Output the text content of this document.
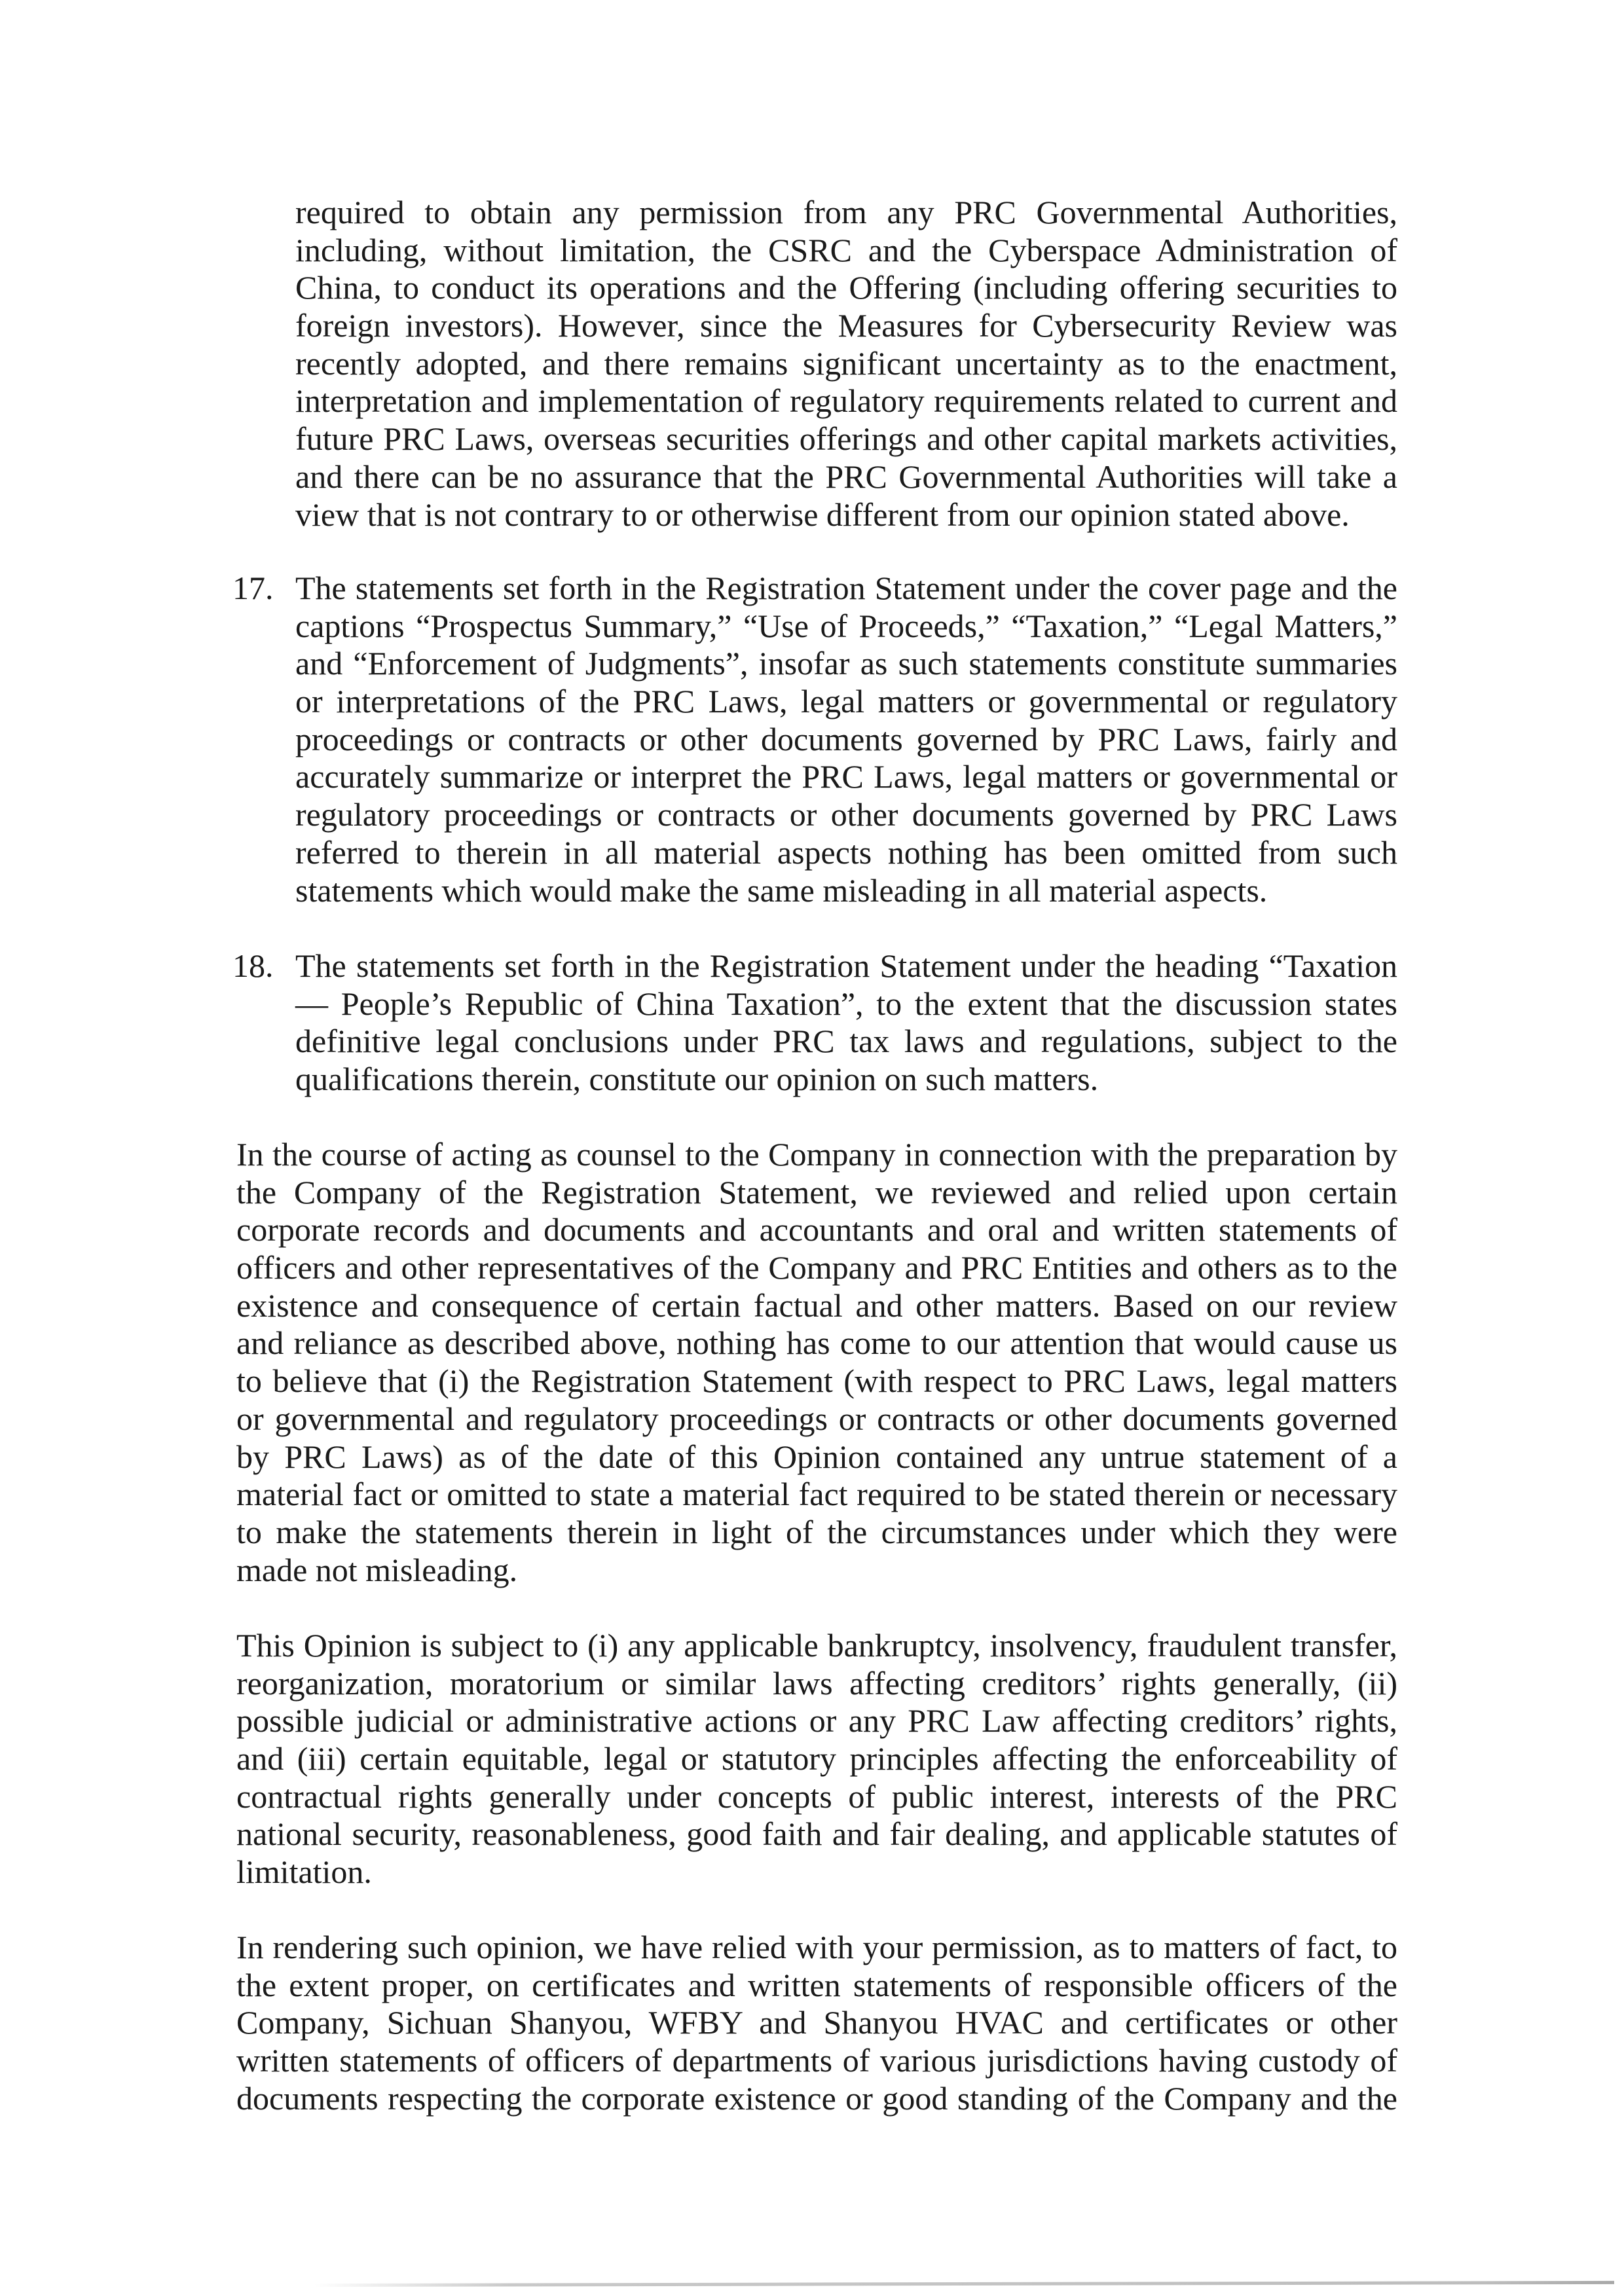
required to obtain any permission from any PRC Governmental Authorities,
including, without limitation, the CSRC and the Cyberspace Administration of
China, to conduct its operations and the Offering (including offering securities to
foreign investors). However, since the Measures for Cybersecurity Review was
recently adopted, and there remains significant uncertainty as to the enactment,
interpretation and implementation of regulatory requirements related to current and
future PRC Laws, overseas securities offerings and other capital markets activities,
and there can be no assurance that the PRC Governmental Authorities will take a
view that is not contrary to or otherwise different from our opinion stated above.
17. The statements set forth in the Registration Statement under the cover page and the
captions “Prospectus Summary,” “Use of Proceeds,” “Taxation,” “Legal Matters,”
and “Enforcement of Judgments”, insofar as such statements constitute summaries
or interpretations of the PRC Laws, legal matters or governmental or regulatory
proceedings or contracts or other documents governed by PRC Laws, fairly and
accurately summarize or interpret the PRC Laws, legal matters or governmental or
regulatory proceedings or contracts or other documents governed by PRC Laws
referred to therein in all material aspects nothing has been omitted from such
statements which would make the same misleading in all material aspects.
18. The statements set forth in the Registration Statement under the heading “Taxation
— People’s Republic of China Taxation”, to the extent that the discussion states
definitive legal conclusions under PRC tax laws and regulations, subject to the
qualifications therein, constitute our opinion on such matters.
In the course of acting as counsel to the Company in connection with the preparation by
the Company of the Registration Statement, we reviewed and relied upon certain
corporate records and documents and accountants and oral and written statements of
officers and other representatives of the Company and PRC Entities and others as to the
existence and consequence of certain factual and other matters. Based on our review
and reliance as described above, nothing has come to our attention that would cause us
to believe that (i) the Registration Statement (with respect to PRC Laws, legal matters
or governmental and regulatory proceedings or contracts or other documents governed
by PRC Laws) as of the date of this Opinion contained any untrue statement of a
material fact or omitted to state a material fact required to be stated therein or necessary
to make the statements therein in light of the circumstances under which they were
made not misleading.
This Opinion is subject to (i) any applicable bankruptcy, insolvency, fraudulent transfer,
reorganization, moratorium or similar laws affecting creditors’ rights generally, (ii)
possible judicial or administrative actions or any PRC Law affecting creditors’ rights,
and (iii) certain equitable, legal or statutory principles affecting the enforceability of
contractual rights generally under concepts of public interest, interests of the PRC
national security, reasonableness, good faith and fair dealing, and applicable statutes of
limitation.
In rendering such opinion, we have relied with your permission, as to matters of fact, to
the extent proper, on certificates and written statements of responsible officers of the
Company, Sichuan Shanyou, WFBY and Shanyou HVAC and certificates or other
written statements of officers of departments of various jurisdictions having custody of
documents respecting the corporate existence or good standing of the Company and the
